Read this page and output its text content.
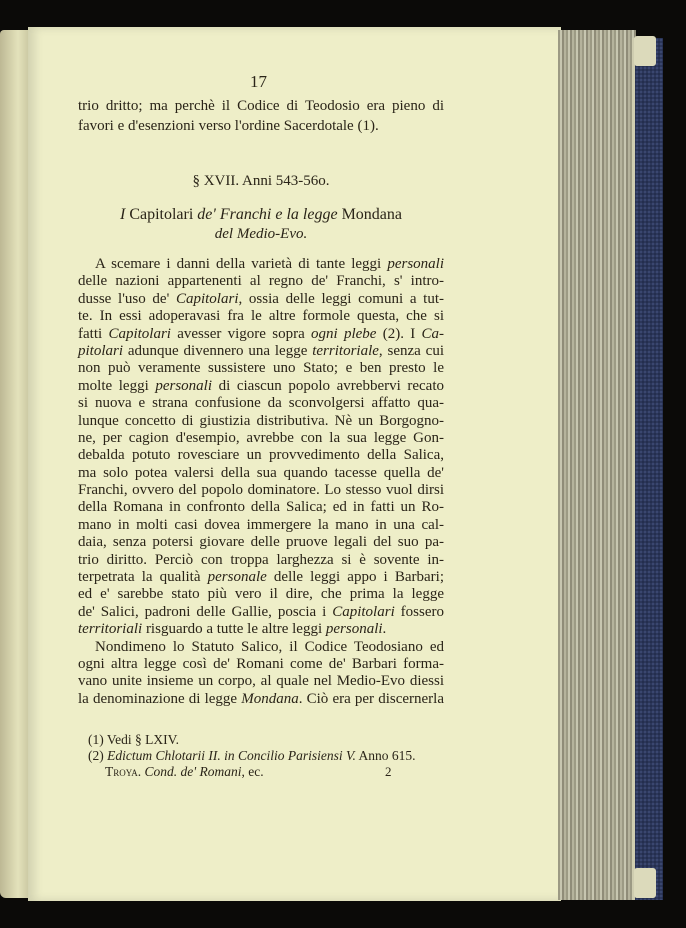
17
trio dritto; ma perchè il Codice di Teodosio era pieno di
favori e d'esenzioni verso l'ordine Sacerdotale (1).
§ XVII. Anni 543-56o.
I Capitolari de' Franchi e la legge Mondana
del Medio-Evo.
A scemare i danni della varietà di tante leggi personali
delle nazioni appartenenti al regno de' Franchi, s' intro-
dusse l'uso de' Capitolari, ossia delle leggi comuni a tut-
te. In essi adoperavasi fra le altre formole questa, che si
fatti Capitolari avesser vigore sopra ogni plebe (2). I Ca-
pitolari adunque divennero una legge territoriale, senza cui
non può veramente sussistere uno Stato; e ben presto le
molte leggi personali di ciascun popolo avrebbervi recato
si nuova e strana confusione da sconvolgersi affatto qua-
lunque concetto di giustizia distributiva. Nè un Borgogno-
ne, per cagion d'esempio, avrebbe con la sua legge Gon-
debalda potuto rovesciare un provvedimento della Salica,
ma solo potea valersi della sua quando tacesse quella de'
Franchi, ovvero del popolo dominatore. Lo stesso vuol dirsi
della Romana in confronto della Salica; ed in fatti un Ro-
mano in molti casi dovea immergere la mano in una cal-
daia, senza potersi giovare delle pruove legali del suo pa-
trio diritto. Perciò con troppa larghezza si è sovente in-
terpetrata la qualità personale delle leggi appo i Barbari;
ed e' sarebbe stato più vero il dire, che prima la legge
de' Salici, padroni delle Gallie, poscia i Capitolari fossero
territoriali risguardo a tutte le altre leggi personali.
Nondimeno lo Statuto Salico, il Codice Teodosiano ed
ogni altra legge così de' Romani come de' Barbari forma-
vano unite insieme un corpo, al quale nel Medio-Evo diessi
la denominazione di legge Mondana. Ciò era per discernerla
(1) Vedi § LXIV.
(2) Edictum Chlotarii II. in Concilio Parisiensi V. Anno 615.
Troya. Cond. de' Romani, ec.	2
